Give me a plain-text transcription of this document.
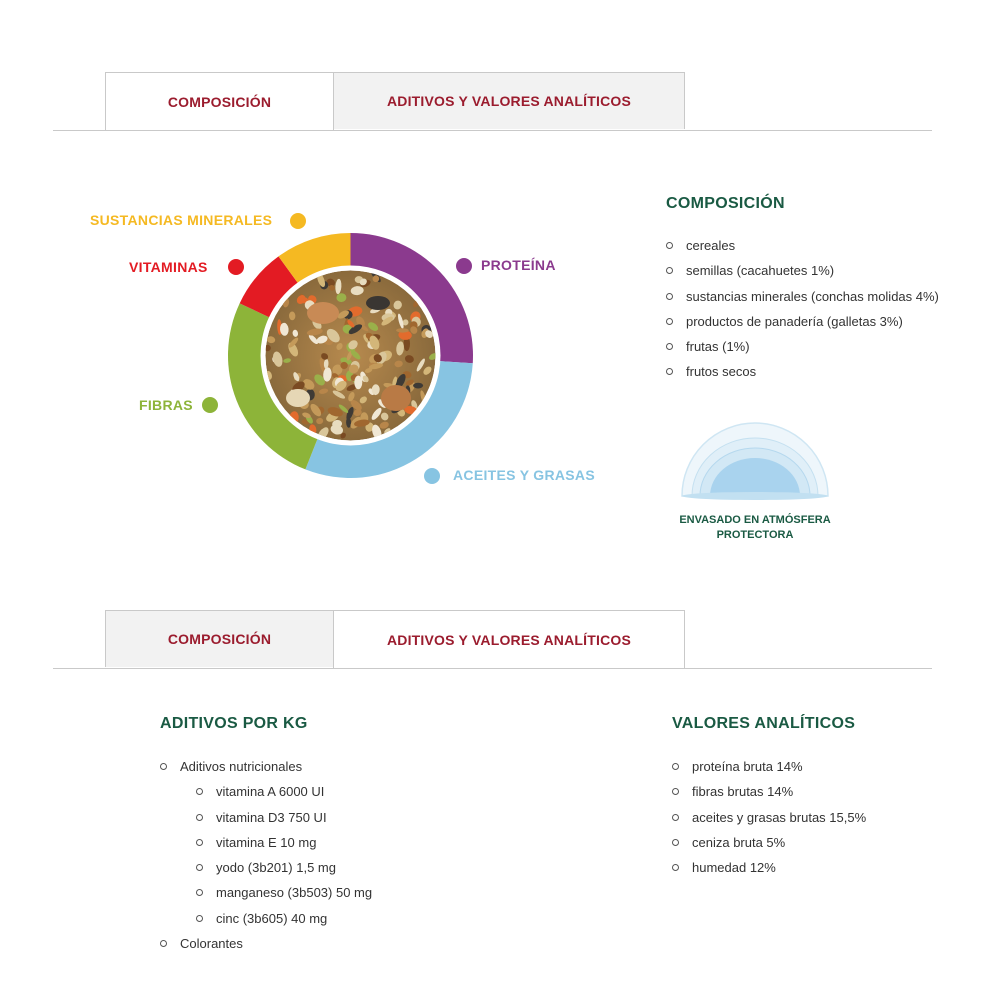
COMPOSICIÓN	ADITIVOS Y VALORES ANALÍTICOS
SUSTANCIAS MINERALES
VITAMINAS	PROTEÍNA
FIBRAS
ACEITES Y GRASAS
COMPOSICIÓN
cereales
semillas (cacahuetes 1%)
sustancias minerales (conchas molidas 4%)
productos de panadería (galletas 3%)
frutas (1%)
frutos secos
ENVASADO EN ATMÓSFERA
PROTECTORA
COMPOSICIÓN	ADITIVOS Y VALORES ANALÍTICOS
ADITIVOS POR KG
Aditivos nutricionales
vitamina A 6000 UI
vitamina D3 750 UI
vitamina E 10 mg
yodo (3b201) 1,5 mg
manganeso (3b503) 50 mg
cinc (3b605) 40 mg
Colorantes
VALORES ANALÍTICOS
proteína bruta 14%
fibras brutas 14%
aceites y grasas brutas 15,5%
ceniza bruta 5%
humedad 12%
